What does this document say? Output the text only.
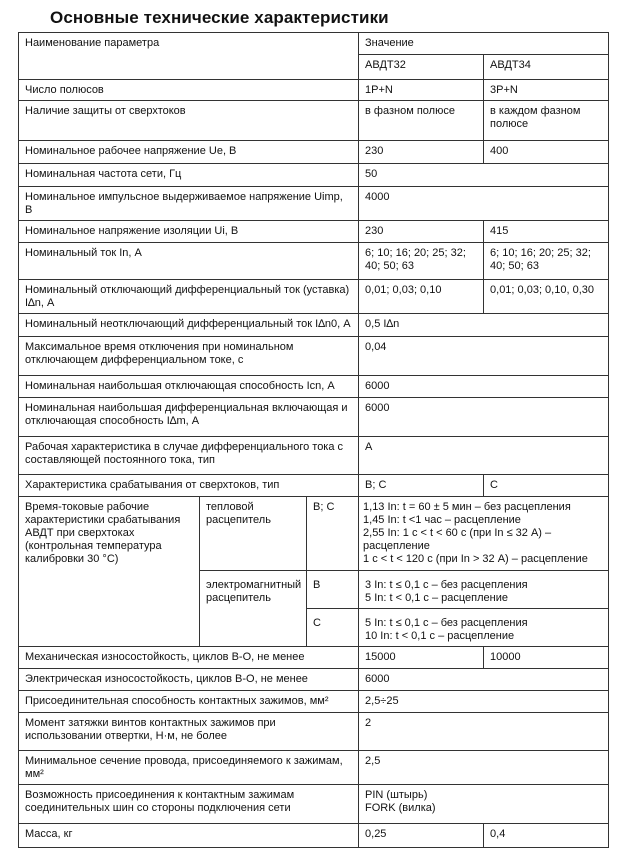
Основные технические характеристики
Наименование параметра			Значение	
			АВДТ32	АВДТ34
Число полюсов			1P+N	3P+N
Наличие защиты от сверхтоков			в фазном полюсе	в каждом фазном полюсе
Номинальное рабочее напряжение Ue, В			230	400
Номинальная частота сети, Гц			50	
Номинальное импульсное выдерживаемое напряжение Uimp, В			4000	
Номинальное напряжение изоляции Ui, В			230	415
Номинальный ток In, А			6; 10; 16; 20; 25; 32; 40; 50; 63	6; 10; 16; 20; 25; 32; 40; 50; 63
Номинальный отключающий дифференциальный ток (уставка) I∆n, А			0,01; 0,03; 0,10	0,01; 0,03; 0,10, 0,30
Номинальный неотключающий дифференциальный ток I∆n0, А			0,5 I∆n	
Максимальное время отключения при номинальном отключающем дифференциальном токе, с			0,04	
Номинальная наибольшая отключающая способность Icn, А			6000	
Номинальная наибольшая дифференциальная включающая и отключающая способность I∆m, А			6000	
Рабочая характеристика в случае дифференциального тока с составляющей постоянного тока, тип			A	
Характеристика срабатывания от сверхтоков, тип			B; C	C
Время-токовые рабочие характеристики срабатывания АВДТ при сверхтоках (контрольная температура калибровки 30 °С)	тепловой расцепитель	B; C	1,13 In: t = 60 ± 5 мин – без расцепления
1,45 In: t <1 час – расцепление
2,55 In: 1 с < t < 60 с (при In ≤ 32 А) – расцепление
1 с < t < 120 с (при In > 32 А) – расцепление	

	электромагнитный расцепитель	B	3 In: t ≤ 0,1 с – без расцепления
5 In: t < 0,1 с – расцепление	

		C	5 In: t ≤ 0,1 с – без расцепления
10 In: t < 0,1 с – расцепление	

Механическая износостойкость, циклов В-О, не менее			15000	10000
Электрическая износостойкость, циклов В-О, не менее			6000	
Присоединительная способность контактных зажимов, мм²			2,5÷25	
Момент затяжки винтов контактных зажимов при использовании отвертки, Н·м, не более			2	
Минимальное сечение провода, присоединяемого к зажимам, мм²			2,5	
Возможность присоединения к контактным зажимам соединительных шин со стороны подключения сети			PIN (штырь)
FORK (вилка)	

Масса, кг			0,25	0,4
